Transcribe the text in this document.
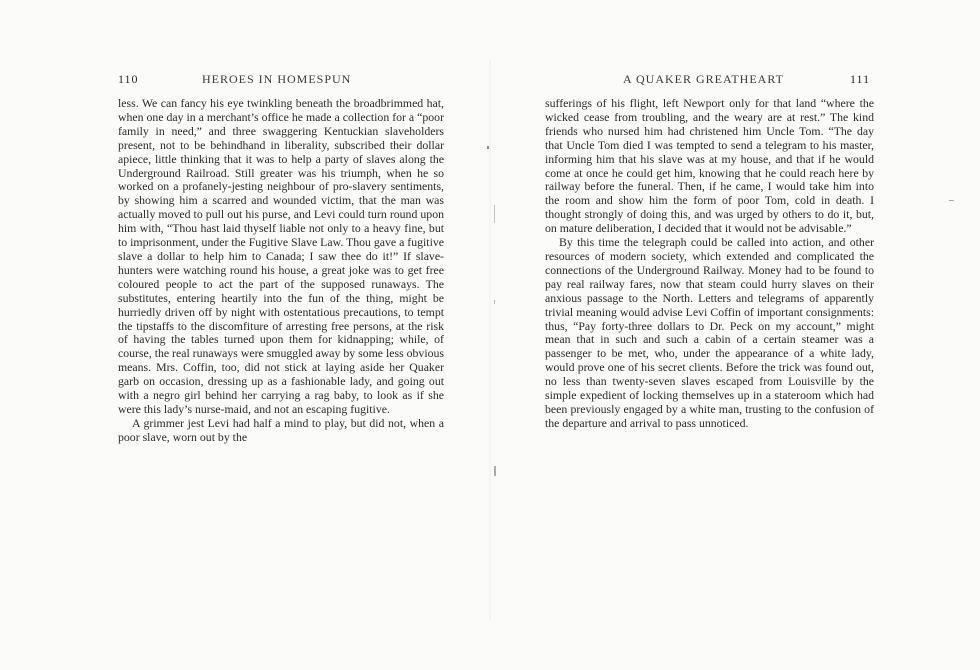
110	HEROES IN HOMESPUN

less. We can fancy his eye twinkling beneath the broadbrimmed hat, when one day in a merchant’s office he made a collection for a “poor family in need,” and three swaggering Kentuckian slaveholders present, not to be behindhand in liberality, subscribed their dollar apiece, little thinking that it was to help a party of slaves along the Underground Railroad. Still greater was his triumph, when he so worked on a profanely-jesting neighbour of pro-slavery sentiments, by showing him a scarred and wounded victim, that the man was actually moved to pull out his purse, and Levi could turn round upon him with, “Thou hast laid thyself liable not only to a heavy fine, but to imprisonment, under the Fugitive Slave Law. Thou gave a fugitive slave a dollar to help him to Canada; I saw thee do it!” If slave-hunters were watching round his house, a great joke was to get free coloured people to act the part of the supposed runaways. The substitutes, entering heartily into the fun of the thing, might be hurriedly driven off by night with ostentatious precautions, to tempt the tipstaffs to the discomfiture of arresting free persons, at the risk of having the tables turned upon them for kidnapping; while, of course, the real runaways were smuggled away by some less obvious means. Mrs. Coffin, too, did not stick at laying aside her Quaker garb on occasion, dressing up as a fashionable lady, and going out with a negro girl behind her carrying a rag baby, to look as if she were this lady’s nurse-maid, and not an escaping fugitive.

A grimmer jest Levi had half a mind to play, but did not, when a poor slave, worn out by the

A QUAKER GREATHEART	111

sufferings of his flight, left Newport only for that land “where the wicked cease from troubling, and the weary are at rest.” The kind friends who nursed him had christened him Uncle Tom. “The day that Uncle Tom died I was tempted to send a telegram to his master, informing him that his slave was at my house, and that if he would come at once he could get him, knowing that he could reach here by railway before the funeral. Then, if he came, I would take him into the room and show him the form of poor Tom, cold in death. I thought strongly of doing this, and was urged by others to do it, but, on mature deliberation, I decided that it would not be advisable.”

By this time the telegraph could be called into action, and other resources of modern society, which extended and complicated the connections of the Underground Railway. Money had to be found to pay real railway fares, now that steam could hurry slaves on their anxious passage to the North. Letters and telegrams of apparently trivial meaning would advise Levi Coffin of important consignments: thus, “Pay forty-three dollars to Dr. Peck on my account,” might mean that in such and such a cabin of a certain steamer was a passenger to be met, who, under the appearance of a white lady, would prove one of his secret clients. Before the trick was found out, no less than twenty-seven slaves escaped from Louisville by the simple expedient of locking themselves up in a stateroom which had been previously engaged by a white man, trusting to the confusion of the departure and arrival to pass unnoticed.
